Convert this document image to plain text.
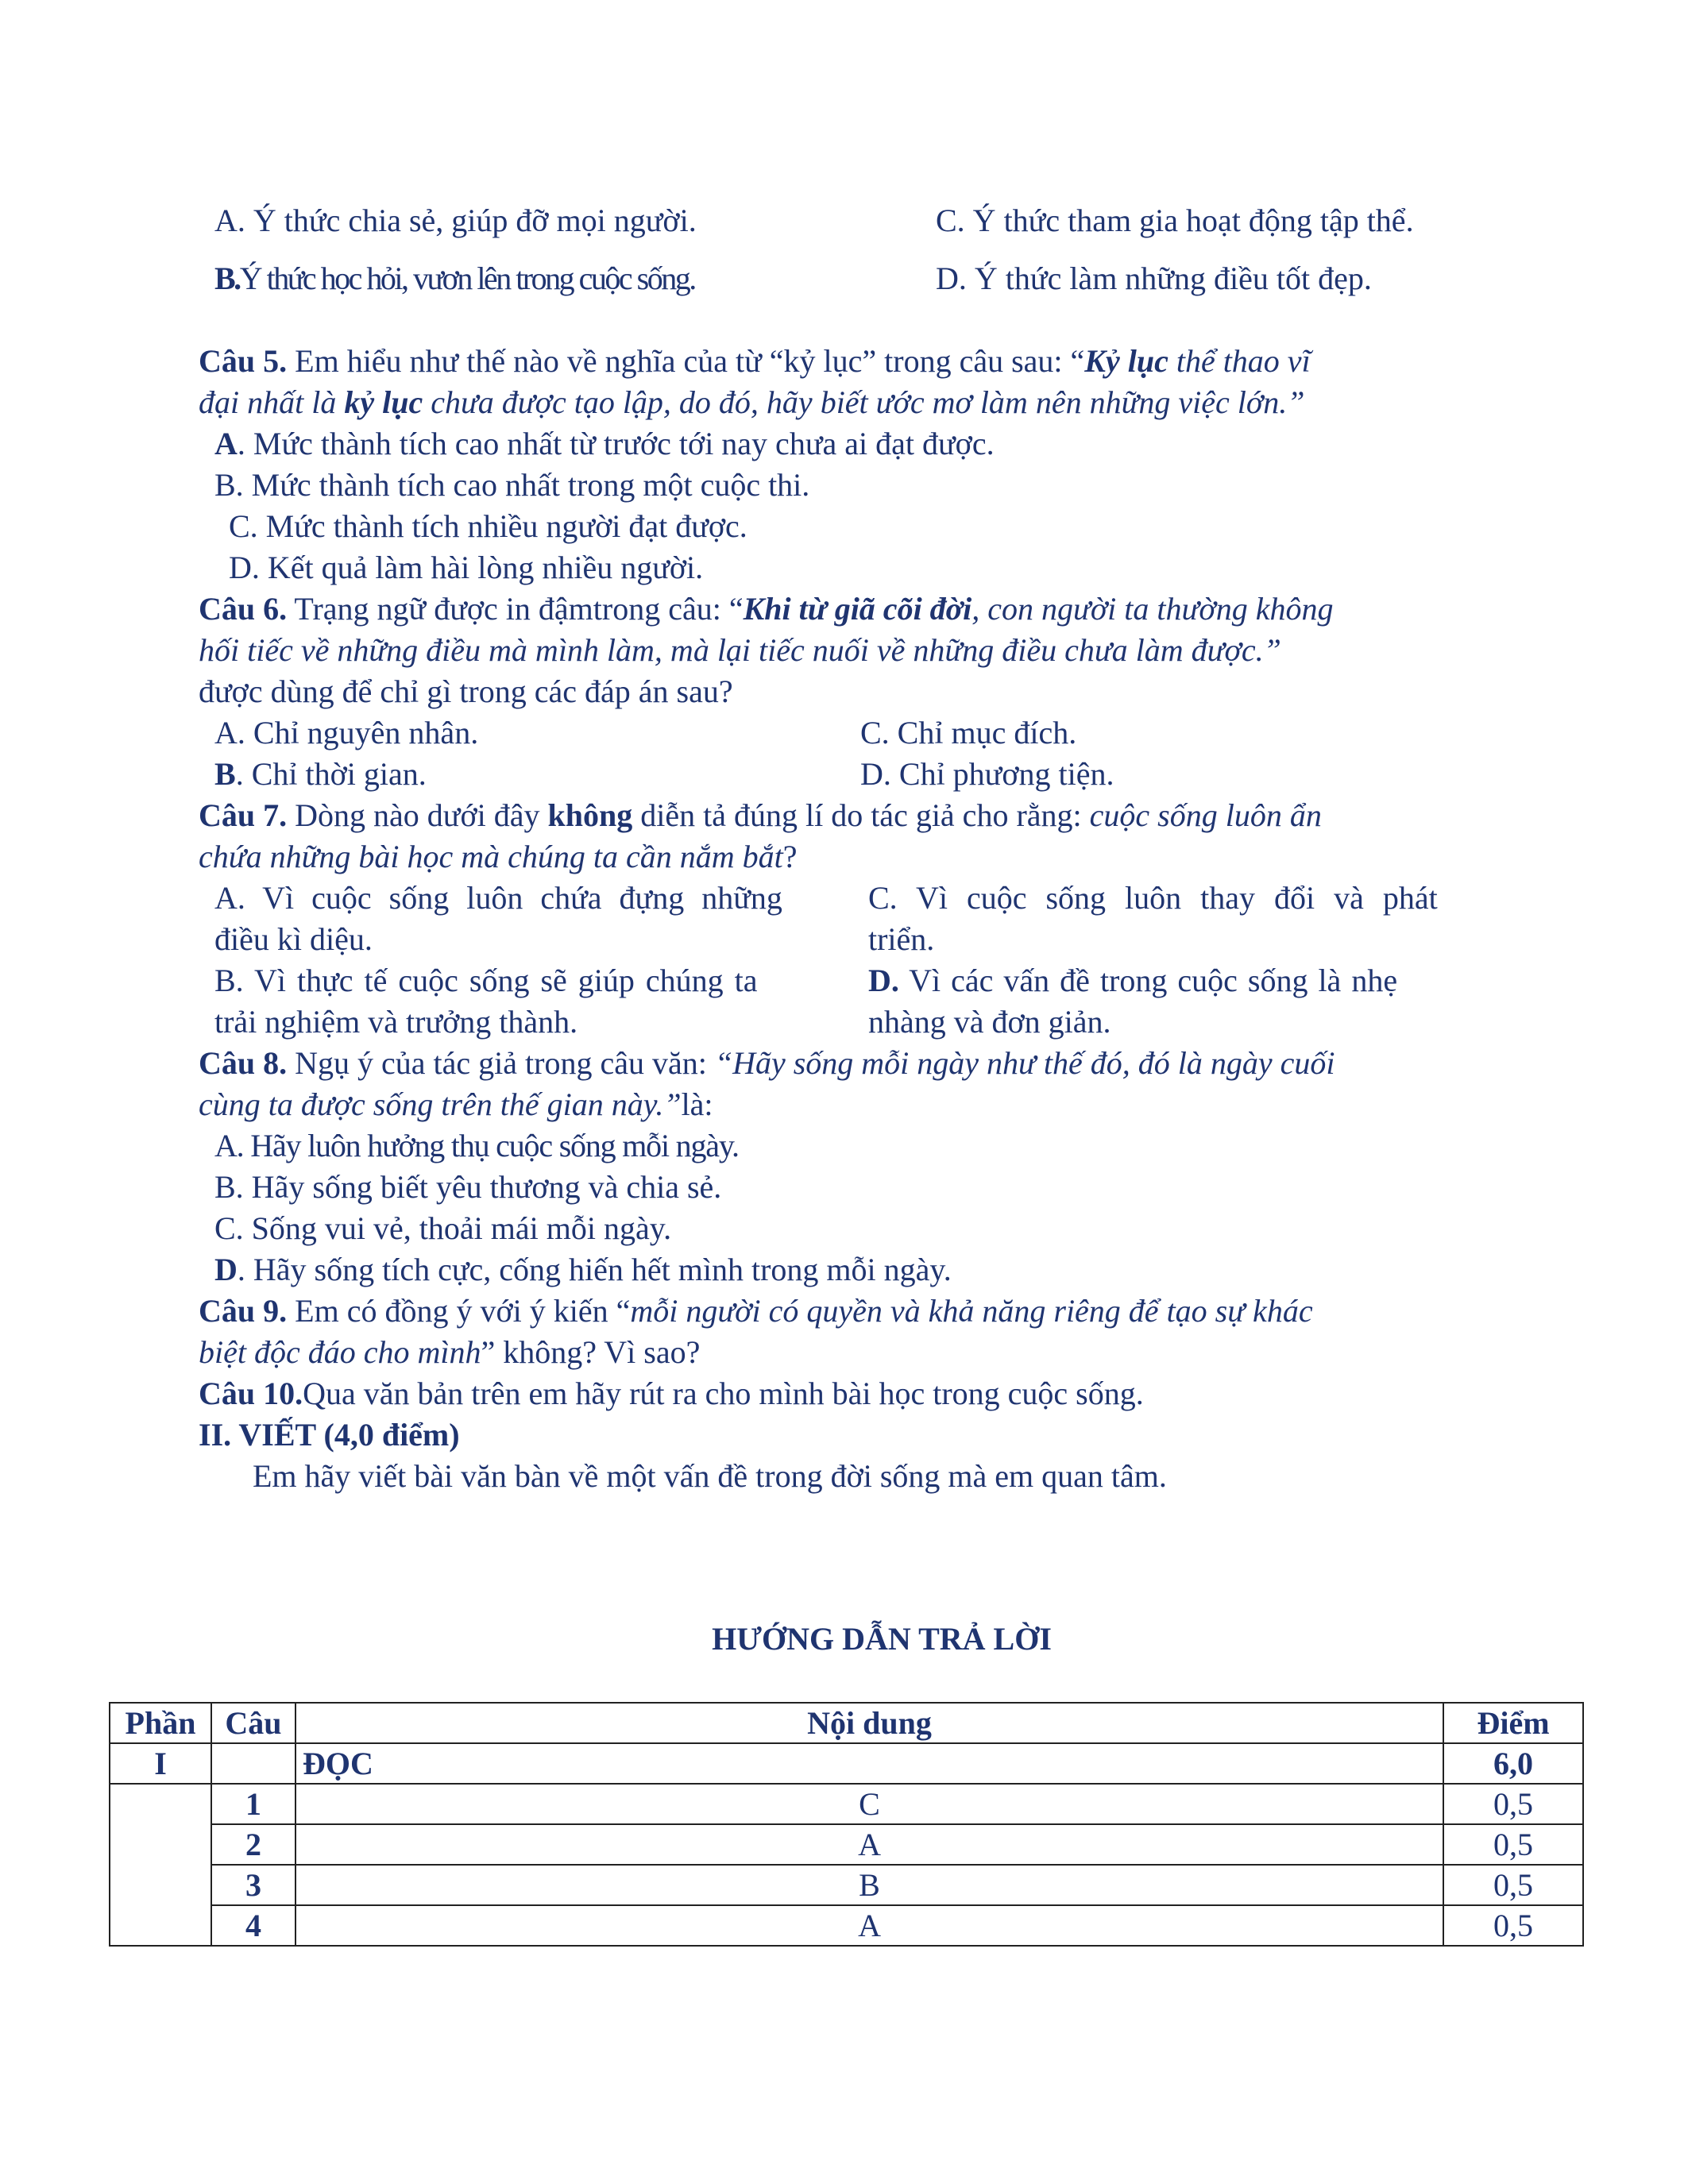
A. Ý thức chia sẻ, giúp đỡ mọi người.	C. Ý thức tham gia hoạt động tập thể.
B.Ý thức học hỏi, vươn lên trong cuộc sống.	D. Ý thức làm những điều tốt đẹp.
Câu 5. Em hiểu như thế nào về nghĩa của từ “kỷ lục” trong câu sau: “Kỷ lục thể thao vĩ
đại nhất là kỷ lục chưa được tạo lập, do đó, hãy biết ước mơ làm nên những việc lớn.”
A. Mức thành tích cao nhất từ trước tới nay chưa ai đạt được.
B. Mức thành tích cao nhất trong một cuộc thi.
C. Mức thành tích nhiều người đạt được.
D. Kết quả làm hài lòng nhiều người.
Câu 6. Trạng ngữ được in đậmtrong câu: “Khi từ giã cõi đời, con người ta thường không
hối tiếc về những điều mà mình làm, mà lại tiếc nuối về những điều chưa làm được.”
được dùng để chỉ gì trong các đáp án sau?
A. Chỉ nguyên nhân.	C. Chỉ mục đích.
B. Chỉ thời gian.	D. Chỉ phương tiện.
Câu 7. Dòng nào dưới đây không diễn tả đúng lí do tác giả cho rằng: cuộc sống luôn ẩn
chứa những bài học mà chúng ta cần nắm bắt?
A. Vì cuộc sống luôn chứa đựng những
điều kì diệu.
C. Vì cuộc sống luôn thay đổi và phát
triển.
B. Vì thực tế cuộc sống sẽ giúp chúng ta
trải nghiệm và trưởng thành.
D. Vì các vấn đề trong cuộc sống là nhẹ
nhàng và đơn giản.
Câu 8. Ngụ ý của tác giả trong câu văn: “Hãy sống mỗi ngày như thế đó, đó là ngày cuối
cùng ta được sống trên thế gian này.”là:
A. Hãy luôn hưởng thụ cuộc sống mỗi ngày.
B. Hãy sống biết yêu thương và chia sẻ.
C. Sống vui vẻ, thoải mái mỗi ngày.
D. Hãy sống tích cực, cống hiến hết mình trong mỗi ngày.
Câu 9. Em có đồng ý với ý kiến “mỗi người có quyền và khả năng riêng để tạo sự khác
biệt độc đáo cho mình” không? Vì sao?
Câu 10.Qua văn bản trên em hãy rút ra cho mình bài học trong cuộc sống.
II. VIẾT (4,0 điểm)
Em hãy viết bài văn bàn về một vấn đề trong đời sống mà em quan tâm.
HƯỚNG DẪN TRẢ LỜI
Phần	Câu	Nội dung	Điểm
I		ĐỌC	6,0
	1	C	0,5
	2	A	0,5
	3	B	0,5
	4	A	0,5
